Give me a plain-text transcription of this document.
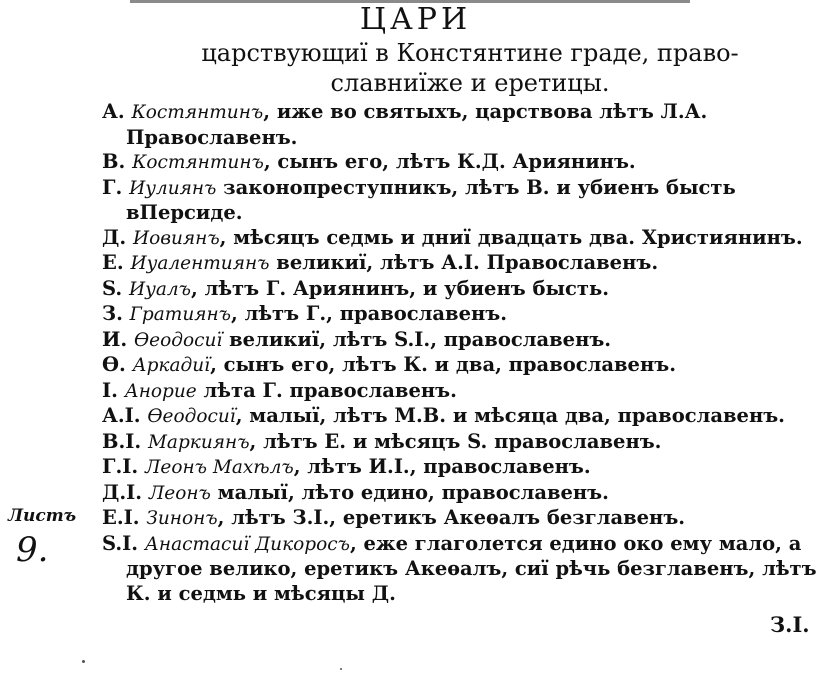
ЦАРИ
царствующиї в Констянтине граде, право-славниїже и еретицы.
А. Костянтинъ, иже во святыхъ, царствова лѣтъ Л.А. Православенъ.
В. Костянтинъ, сынъ его, лѣтъ К.Д. Ариянинъ.
Г. Иулиянъ законопреступникъ, лѣтъ В. и убиенъ бысть вПерсиде.
Д. Иовиянъ, мѣсяцъ седмь и дниї двадцать два. Християнинъ.
Е. Иуалентиянъ великиї, лѣтъ А.І. Православенъ.
S. Иуалъ, лѣтъ Г. Ариянинъ, и убиенъ бысть.
З. Гратиянъ, лѣтъ Г., православенъ.
И. Ѳеодосиї великиї, лѣтъ S.І., православенъ.
Ѳ. Аркадиї, сынъ его, лѣтъ К. и два, православенъ.
І. Анорие лѣта Г. православенъ.
А.І. Ѳеодосиї, малыї, лѣтъ М.В. и мѣсяца два, православенъ.
В.І. Маркиянъ, лѣтъ Е. и мѣсяцъ S. православенъ.
Г.І. Леонъ Махѣлъ, лѣтъ И.І., православенъ.
Д.І. Леонъ малыї, лѣто едино, православенъ.
Е.І. Зинонъ, лѣтъ З.І., еретикъ Акеѳалъ безглавенъ.
S.І. Анастасиї Дикоросъ, еже глаголется едино око ему мало, а другое велико, еретикъ Акеѳалъ, сиї рѣчь безглавенъ, лѣтъ К. и седмь и мѣсяцы Д.
Листъ
9.
З.І.
